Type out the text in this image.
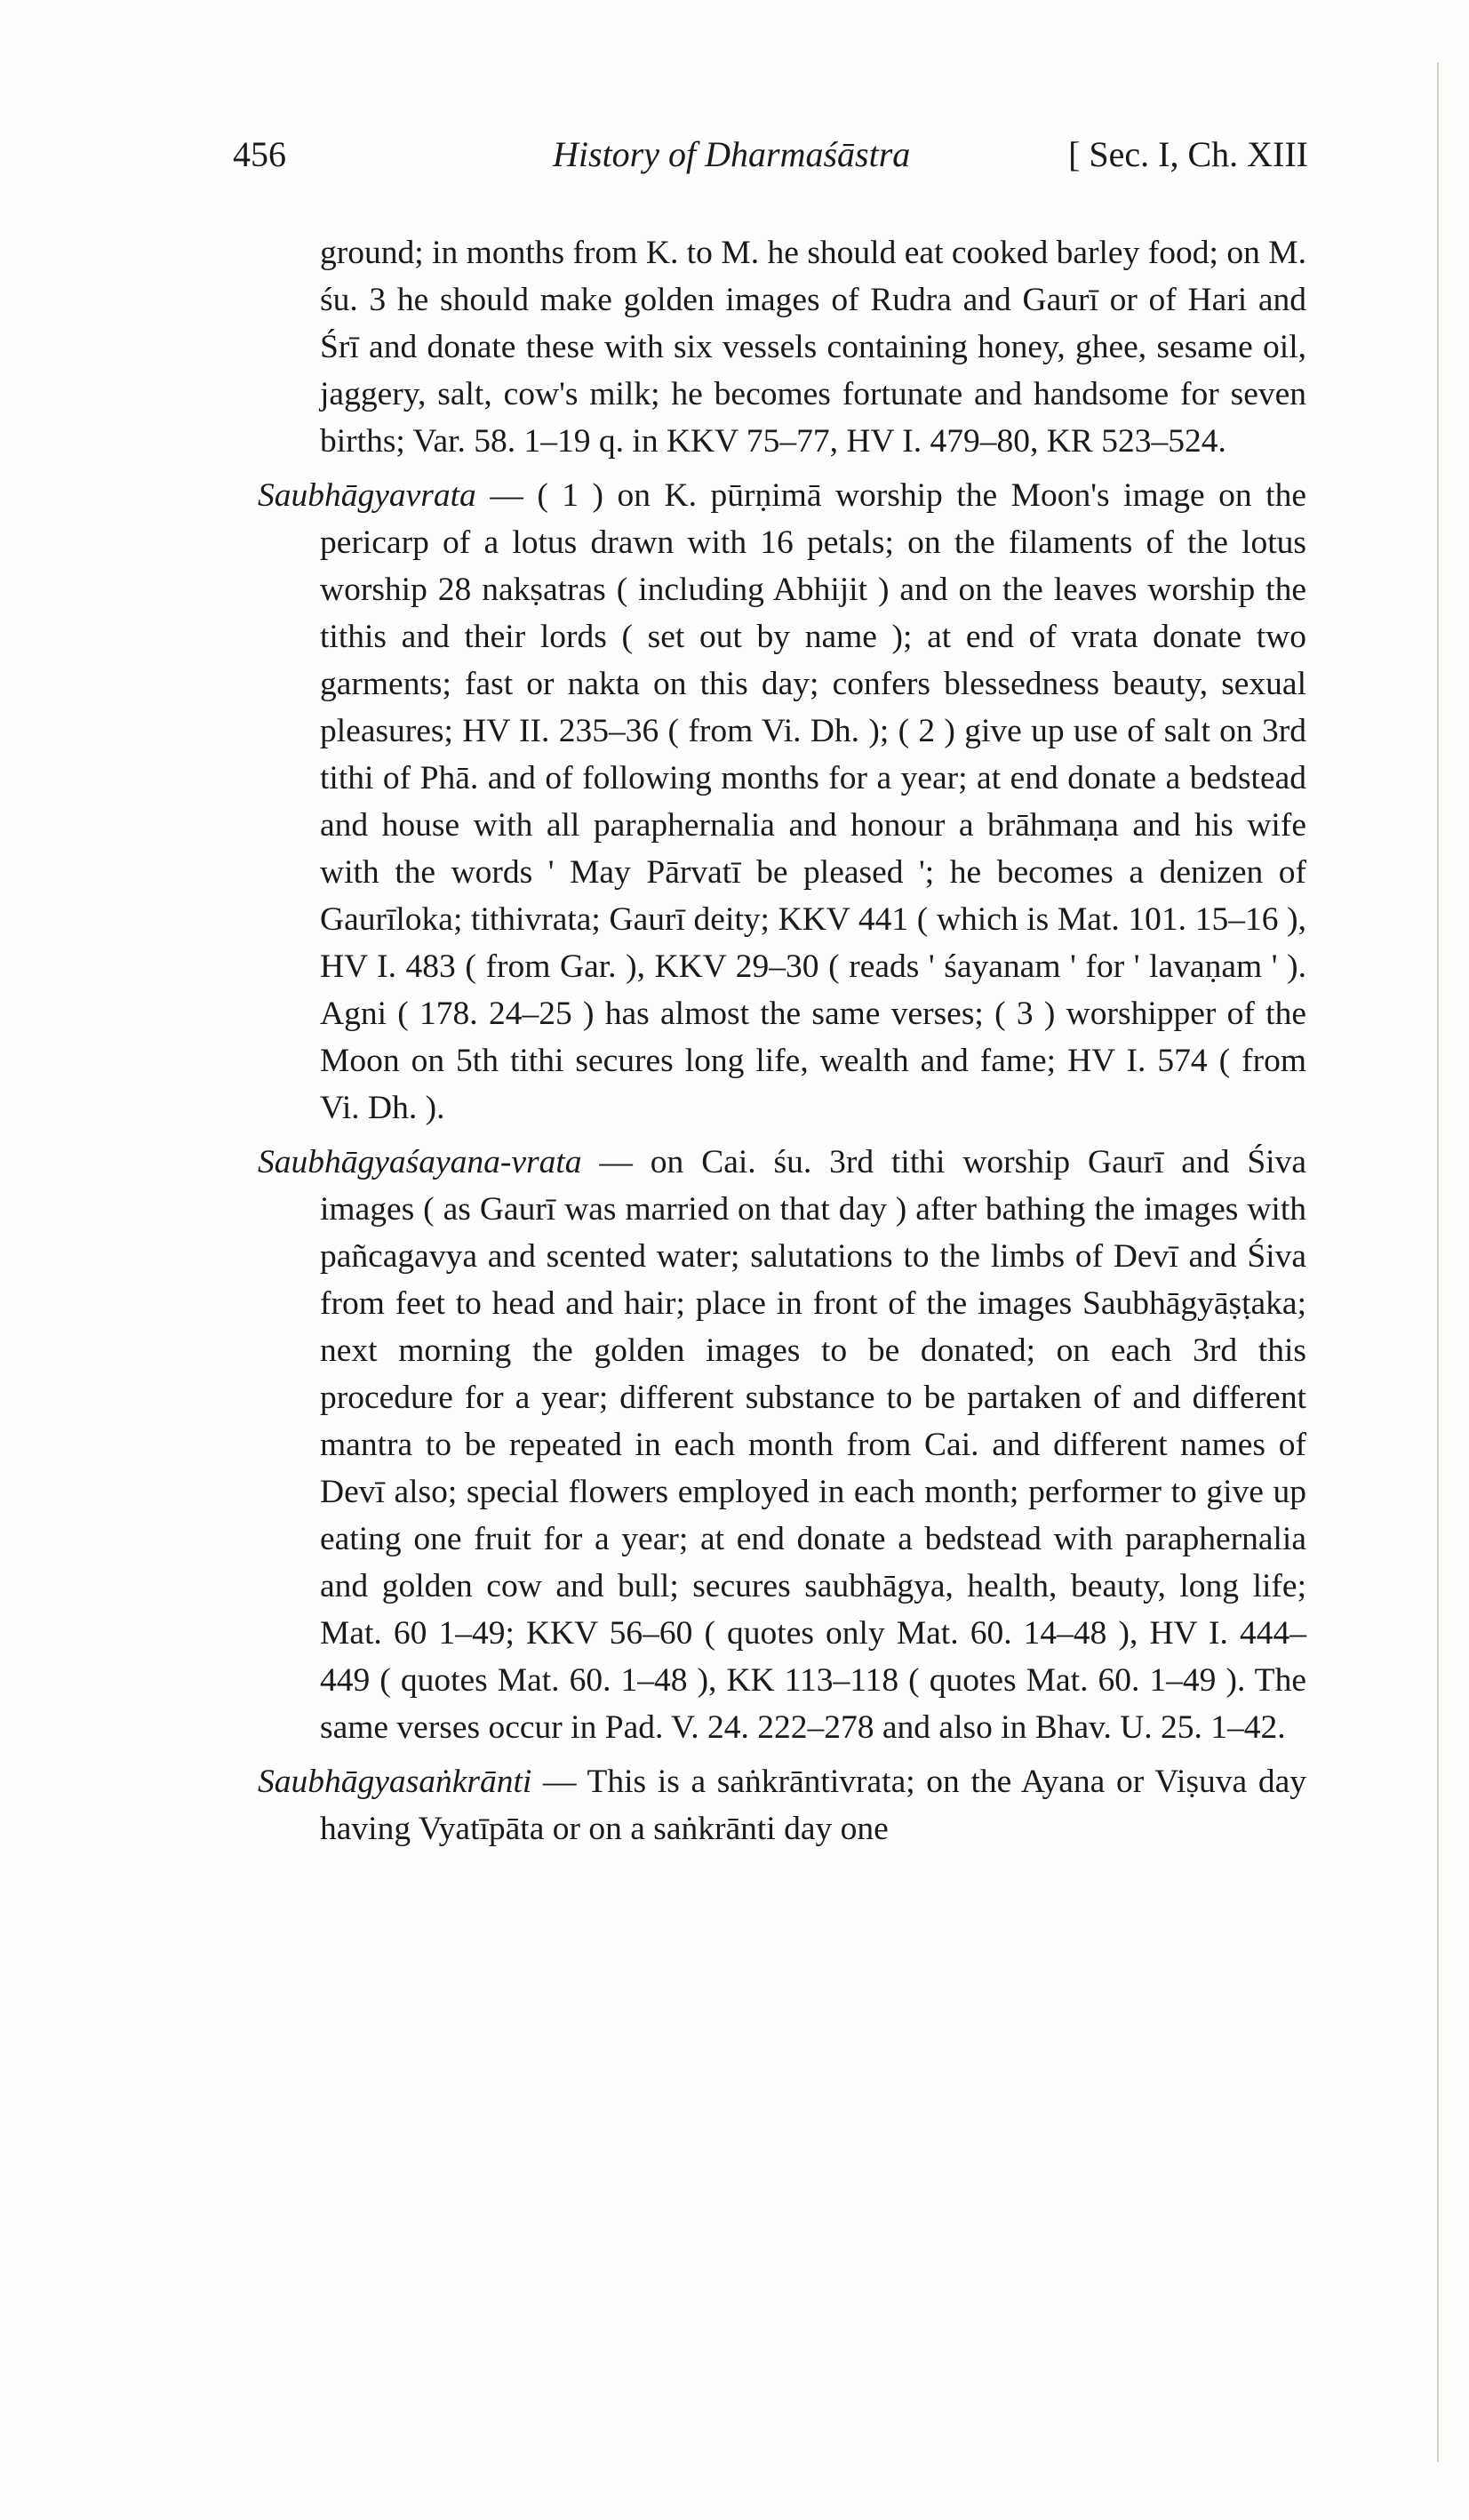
456	History of Dharmaśāstra	[ Sec. I, Ch. XIII

ground; in months from K. to M. he should eat cooked barley food; on M. śu. 3 he should make golden images of Rudra and Gaurī or of Hari and Śrī and donate these with six vessels containing honey, ghee, sesame oil, jaggery, salt, cow's milk; he becomes fortunate and handsome for seven births; Var. 58. 1–19 q. in KKV 75–77, HV I. 479–80, KR 523–524.

Saubhāgyavrata — ( 1 ) on K. pūrṇimā worship the Moon's image on the pericarp of a lotus drawn with 16 petals; on the filaments of the lotus worship 28 nakṣatras ( including Abhijit ) and on the leaves worship the tithis and their lords ( set out by name ); at end of vrata donate two garments; fast or nakta on this day; confers blessedness beauty, sexual pleasures; HV II. 235–36 ( from Vi. Dh. ); ( 2 ) give up use of salt on 3rd tithi of Phā. and of following months for a year; at end donate a bedstead and house with all paraphernalia and honour a brāhmaṇa and his wife with the words ' May Pārvatī be pleased '; he becomes a denizen of Gaurīloka; tithivrata; Gaurī deity; KKV 441 ( which is Mat. 101. 15–16 ), HV I. 483 ( from Gar. ), KKV 29–30 ( reads ' śayanam ' for ' lavaṇam ' ). Agni ( 178. 24–25 ) has almost the same verses; ( 3 ) worshipper of the Moon on 5th tithi secures long life, wealth and fame; HV I. 574 ( from Vi. Dh. ).

Saubhāgyaśayana-vrata — on Cai. śu. 3rd tithi worship Gaurī and Śiva images ( as Gaurī was married on that day ) after bathing the images with pañcagavya and scented water; salutations to the limbs of Devī and Śiva from feet to head and hair; place in front of the images Saubhāgyāṣṭaka; next morning the golden images to be donated; on each 3rd this procedure for a year; different substance to be partaken of and different mantra to be repeated in each month from Cai. and different names of Devī also; special flowers employed in each month; performer to give up eating one fruit for a year; at end donate a bedstead with paraphernalia and golden cow and bull; secures saubhāgya, health, beauty, long life; Mat. 60 1–49; KKV 56–60 ( quotes only Mat. 60. 14–48 ), HV I. 444–449 ( quotes Mat. 60. 1–48 ), KK 113–118 ( quotes Mat. 60. 1–49 ). The same verses occur in Pad. V. 24. 222–278 and also in Bhav. U. 25. 1–42.

Saubhāgyasaṅkrānti — This is a saṅkrāntivrata; on the Ayana or Viṣuva day having Vyatīpāta or on a saṅkrānti day one
